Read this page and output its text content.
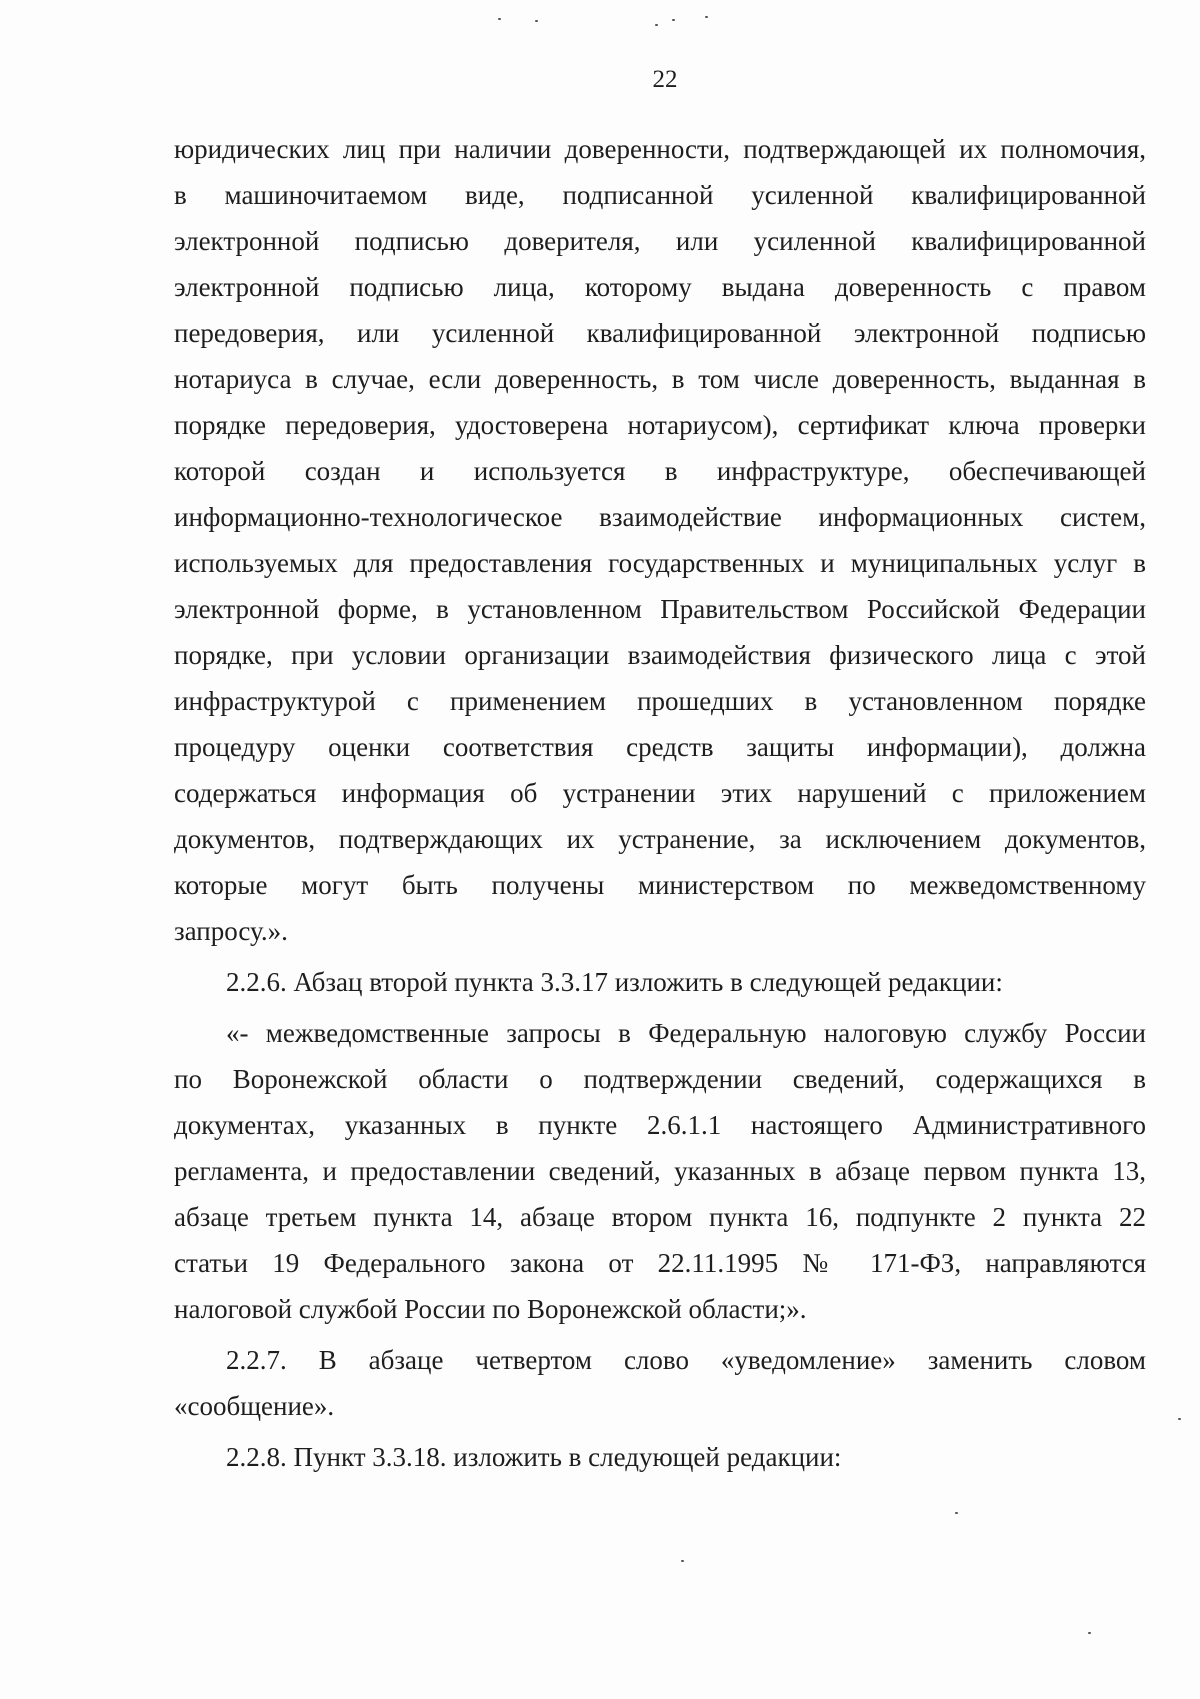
22

юридических лиц при наличии доверенности, подтверждающей их полномочия,

в машиночитаемом виде, подписанной усиленной квалифицированной

электронной подписью доверителя, или усиленной квалифицированной

электронной подписью лица, которому выдана доверенность с правом

передоверия, или усиленной квалифицированной электронной подписью

нотариуса в случае, если доверенность, в том числе доверенность, выданная в

порядке передоверия, удостоверена нотариусом), сертификат ключа проверки

которой создан и используется в инфраструктуре, обеспечивающей

информационно-технологическое взаимодействие информационных систем,

используемых для предоставления государственных и муниципальных услуг в

электронной форме, в установленном Правительством Российской Федерации

порядке, при условии организации взаимодействия физического лица с этой

инфраструктурой с применением прошедших в установленном порядке

процедуру оценки соответствия средств защиты информации), должна

содержаться информация об устранении этих нарушений с приложением

документов, подтверждающих их устранение, за исключением документов,

которые могут быть получены министерством по межведомственному

запросу.».

2.2.6. Абзац второй пункта 3.3.17 изложить в следующей редакции:

«- межведомственные запросы в Федеральную налоговую службу России

по Воронежской области о подтверждении сведений, содержащихся в

документах, указанных в пункте 2.6.1.1 настоящего Административного

регламента, и предоставлении сведений, указанных в абзаце первом пункта 13,

абзаце третьем пункта 14, абзаце втором пункта 16, подпункте 2 пункта 22

статьи 19 Федерального закона от 22.11.1995 № 171-ФЗ, направляются

налоговой службой России по Воронежской области;».

2.2.7. В абзаце четвертом слово «уведомление» заменить словом

«сообщение».

2.2.8. Пункт 3.3.18. изложить в следующей редакции:
